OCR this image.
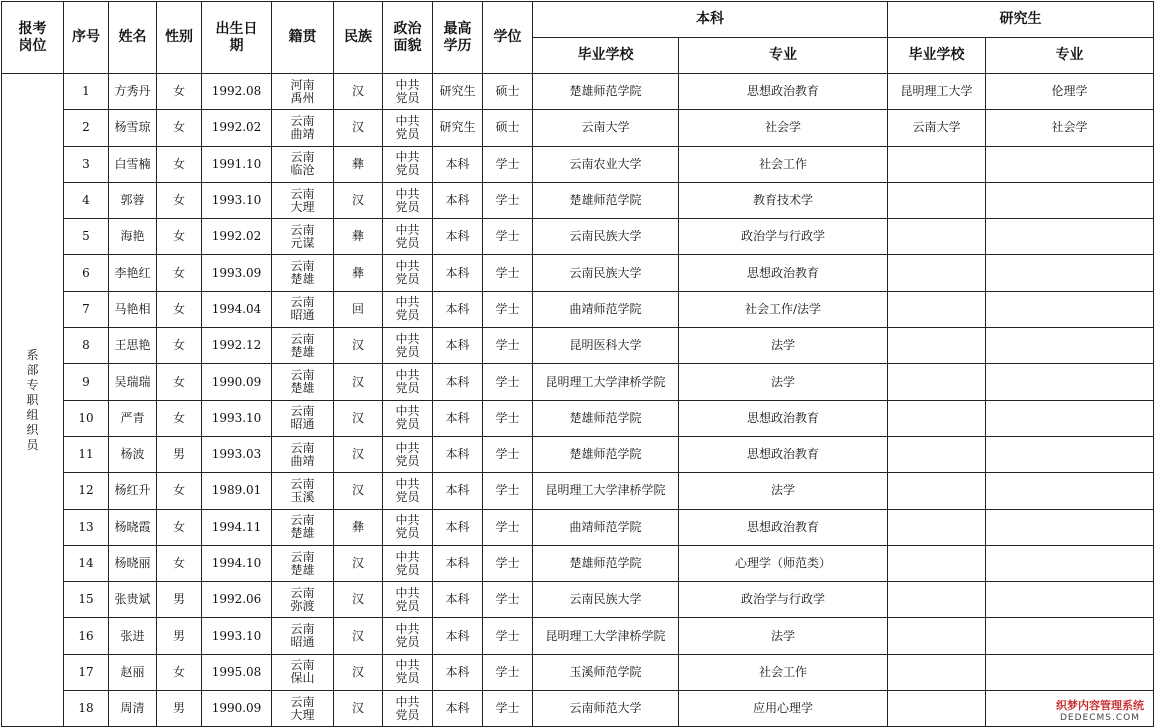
报考岗位	序号	姓名	性别	出生日期	籍贯	民族	政治面貌	最高学历	学位	本科		研究生	
										毕业学校	专业	毕业学校	专业

系部专职组织员	1	方秀丹	女	1992.08	河南禹州	汉	中共党员	研究生	硕士	楚雄师范学院	思想政治教育	昆明理工大学	伦理学
	2	杨雪琼	女	1992.02	云南曲靖	汉	中共党员	研究生	硕士	云南大学	社会学	云南大学	社会学
	3	白雪楠	女	1991.10	云南临沧	彝	中共党员	本科	学士	云南农业大学	社会工作		
	4	郭蓉	女	1993.10	云南大理	汉	中共党员	本科	学士	楚雄师范学院	教育技术学		
	5	海艳	女	1992.02	云南元谋	彝	中共党员	本科	学士	云南民族大学	政治学与行政学		
	6	李艳红	女	1993.09	云南楚雄	彝	中共党员	本科	学士	云南民族大学	思想政治教育		
	7	马艳相	女	1994.04	云南昭通	回	中共党员	本科	学士	曲靖师范学院	社会工作/法学		
	8	王思艳	女	1992.12	云南楚雄	汉	中共党员	本科	学士	昆明医科大学	法学		
	9	吴瑞瑞	女	1990.09	云南楚雄	汉	中共党员	本科	学士	昆明理工大学津桥学院	法学		
	10	严青	女	1993.10	云南昭通	汉	中共党员	本科	学士	楚雄师范学院	思想政治教育		
	11	杨波	男	1993.03	云南曲靖	汉	中共党员	本科	学士	楚雄师范学院	思想政治教育		
	12	杨红升	女	1989.01	云南玉溪	汉	中共党员	本科	学士	昆明理工大学津桥学院	法学		
	13	杨晓霞	女	1994.11	云南楚雄	彝	中共党员	本科	学士	曲靖师范学院	思想政治教育		
	14	杨晓丽	女	1994.10	云南楚雄	汉	中共党员	本科	学士	楚雄师范学院	心理学（师范类）		
	15	张贵斌	男	1992.06	云南弥渡	汉	中共党员	本科	学士	云南民族大学	政治学与行政学		
	16	张进	男	1993.10	云南昭通	汉	中共党员	本科	学士	昆明理工大学津桥学院	法学		
	17	赵丽	女	1995.08	云南保山	汉	中共党员	本科	学士	玉溪师范学院	社会工作		
	18	周清	男	1990.09	云南大理	汉	中共党员	本科	学士	云南师范大学	应用心理学			织梦内容管理系统
DEDECMS.COM
